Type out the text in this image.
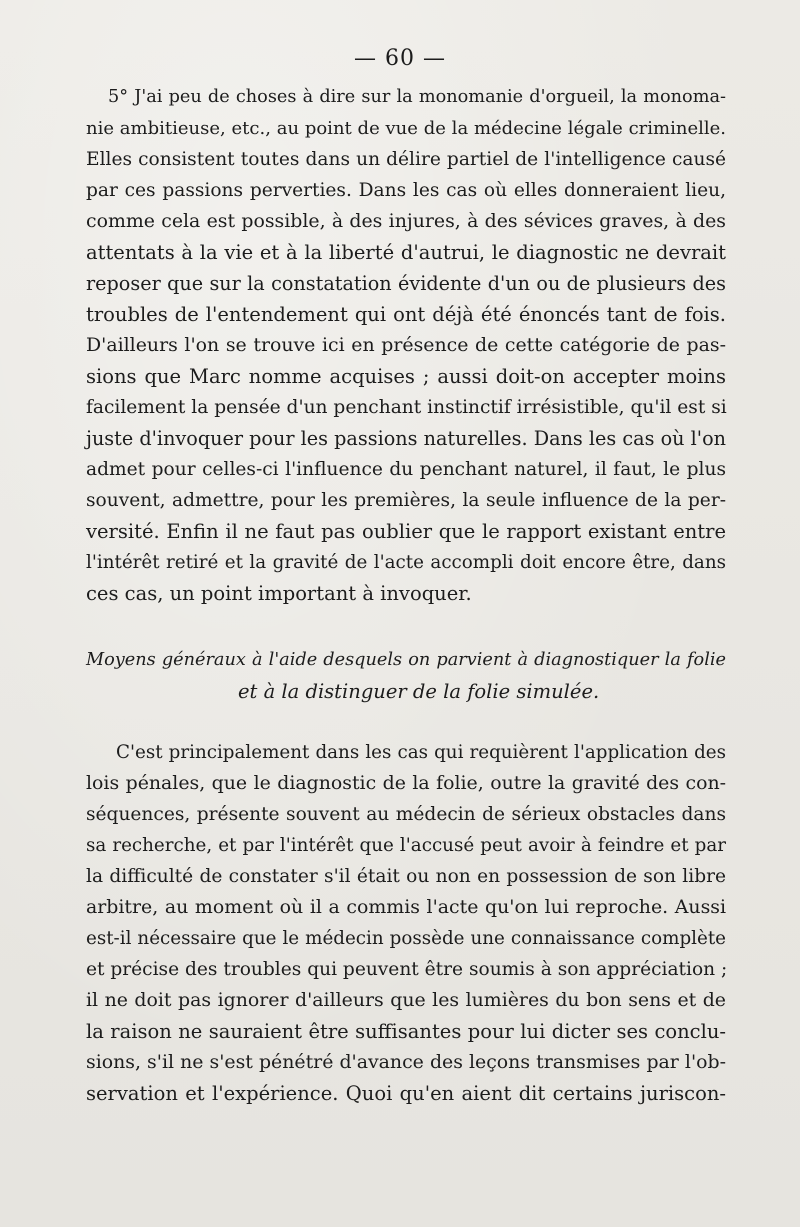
— 60 —
5° J'ai peu de choses à dire sur la monomanie d'orgueil, la monoma-
nie ambitieuse, etc., au point de vue de la médecine légale criminelle.
Elles consistent toutes dans un délire partiel de l'intelligence causé
par ces passions perverties. Dans les cas où elles donneraient lieu,
comme cela est possible, à des injures, à des sévices graves, à des
attentats à la vie et à la liberté d'autrui, le diagnostic ne devrait
reposer que sur la constatation évidente d'un ou de plusieurs des
troubles de l'entendement qui ont déjà été énoncés tant de fois.
D'ailleurs l'on se trouve ici en présence de cette catégorie de pas-
sions que Marc nomme acquises ; aussi doit-on accepter moins
facilement la pensée d'un penchant instinctif irrésistible, qu'il est si
juste d'invoquer pour les passions naturelles. Dans les cas où l'on
admet pour celles-ci l'influence du penchant naturel, il faut, le plus
souvent, admettre, pour les premières, la seule influence de la per-
versité. Enfin il ne faut pas oublier que le rapport existant entre
l'intérêt retiré et la gravité de l'acte accompli doit encore être, dans
ces cas, un point important à invoquer.
Moyens généraux à l'aide desquels on parvient à diagnostiquer la folie
et à la distinguer de la folie simulée.
C'est principalement dans les cas qui requièrent l'application des
lois pénales, que le diagnostic de la folie, outre la gravité des con-
séquences, présente souvent au médecin de sérieux obstacles dans
sa recherche, et par l'intérêt que l'accusé peut avoir à feindre et par
la difficulté de constater s'il était ou non en possession de son libre
arbitre, au moment où il a commis l'acte qu'on lui reproche. Aussi
est-il nécessaire que le médecin possède une connaissance complète
et précise des troubles qui peuvent être soumis à son appréciation ;
il ne doit pas ignorer d'ailleurs que les lumières du bon sens et de
la raison ne sauraient être suffisantes pour lui dicter ses conclu-
sions, s'il ne s'est pénétré d'avance des leçons transmises par l'ob-
servation et l'expérience. Quoi qu'en aient dit certains juriscon-
